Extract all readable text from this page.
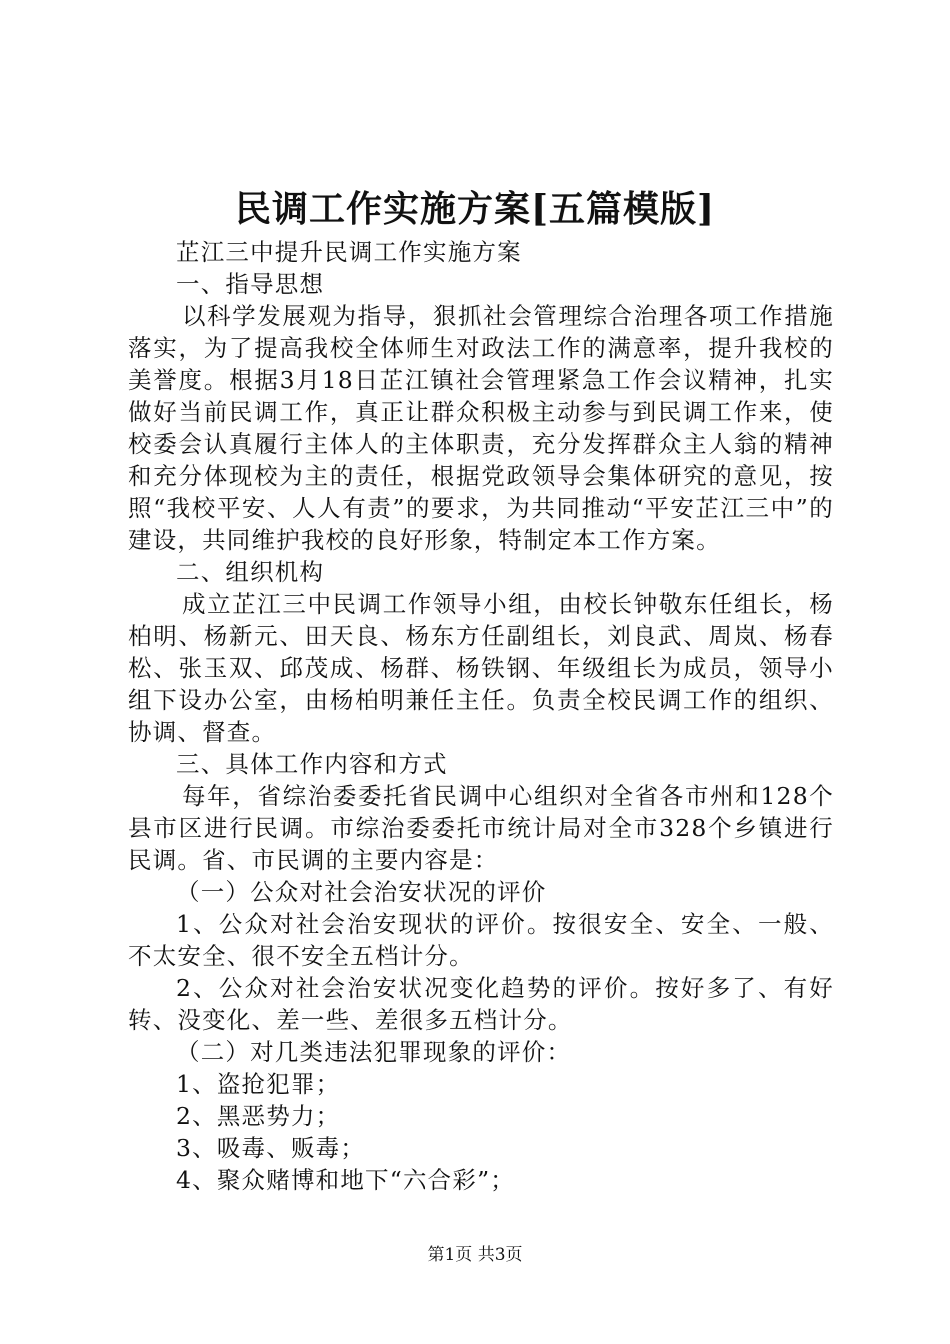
民调工作实施方案[五篇模版]

芷江三中提升民调工作实施方案

一、指导思想

以科学发展观为指导，狠抓社会管理综合治理各项工作措施落实，为了提高我校全体师生对政法工作的满意率，提升我校的美誉度。根据3月18日芷江镇社会管理紧急工作会议精神，扎实做好当前民调工作，真正让群众积极主动参与到民调工作来，使校委会认真履行主体人的主体职责，充分发挥群众主人翁的精神和充分体现校为主的责任，根据党政领导会集体研究的意见，按照“我校平安、人人有责”的要求，为共同推动“平安芷江三中”的建设，共同维护我校的良好形象，特制定本工作方案。

二、组织机构

成立芷江三中民调工作领导小组，由校长钟敬东任组长，杨柏明、杨新元、田天良、杨东方任副组长，刘良武、周岚、杨春松、张玉双、邱茂成、杨群、杨铁钢、年级组长为成员，领导小组下设办公室，由杨柏明兼任主任。负责全校民调工作的组织、协调、督查。

三、具体工作内容和方式

每年，省综治委委托省民调中心组织对全省各市州和128个县市区进行民调。市综治委委托市统计局对全市328个乡镇进行民调。省、市民调的主要内容是：

（一）公众对社会治安状况的评价

1、公众对社会治安现状的评价。按很安全、安全、一般、不太安全、很不安全五档计分。

2、公众对社会治安状况变化趋势的评价。按好多了、有好转、没变化、差一些、差很多五档计分。

（二）对几类违法犯罪现象的评价：

1、盗抢犯罪；

2、黑恶势力；

3、吸毒、贩毒；

4、聚众赌博和地下“六合彩”；

第1页 共3页
